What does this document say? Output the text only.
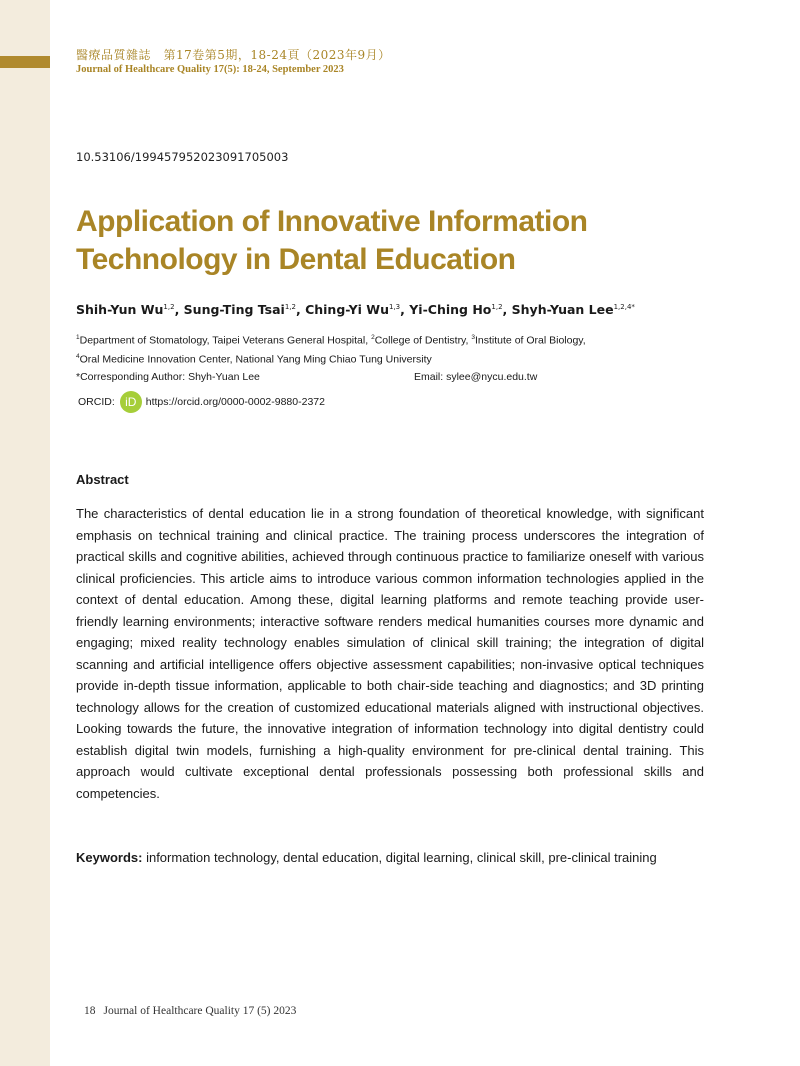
醫療品質雜誌　第17卷第5期，18-24頁（2023年9月）
Journal of Healthcare Quality 17(5): 18-24, September 2023
10.53106/199457952023091705003
Application of Innovative Information Technology in Dental Education
Shih-Yun Wu$^{1,2}$, Sung-Ting Tsai$^{1,2}$, Ching-Yi Wu$^{1,3}$, Yi-Ching Ho$^{1,2}$, Shyh-Yuan Lee$^{1,2,4*}$
$^1$Department of Stomatology, Taipei Veterans General Hospital, $^2$College of Dentistry, $^3$Institute of Oral Biology,
$^4$Oral Medicine Innovation Center, National Yang Ming Chiao Tung University
*Corresponding Author: Shyh-Yuan Lee	Email: sylee@nycu.edu.tw
ORCID: iD https://orcid.org/0000-0002-9880-2372
Abstract

The characteristics of dental education lie in a strong foundation of theoretical knowledge, with significant emphasis on technical training and clinical practice. The training process underscores the integration of practical skills and cognitive abilities, achieved through continuous practice to familiarize oneself with various clinical proficiencies. This article aims to introduce various common information technologies applied in the context of dental education. Among these, digital learning platforms and remote teaching provide user-friendly learning environments; interactive software renders medical humanities courses more dynamic and engaging; mixed reality technology enables simulation of clinical skill training; the integration of digital scanning and artificial intelligence offers objective assessment capabilities; non-invasive optical techniques provide in-depth tissue information, applicable to both chair-side teaching and diagnostics; and 3D printing technology allows for the creation of customized educational materials aligned with instructional objectives. Looking towards the future, the innovative integration of information technology into digital dentistry could establish digital twin models, furnishing a high-quality environment for pre-clinical dental training. This approach would cultivate exceptional dental professionals possessing both professional skills and competencies.

Keywords: information technology, dental education, digital learning, clinical skill, pre-clinical training
18 Journal of Healthcare Quality 17 (5) 2023
